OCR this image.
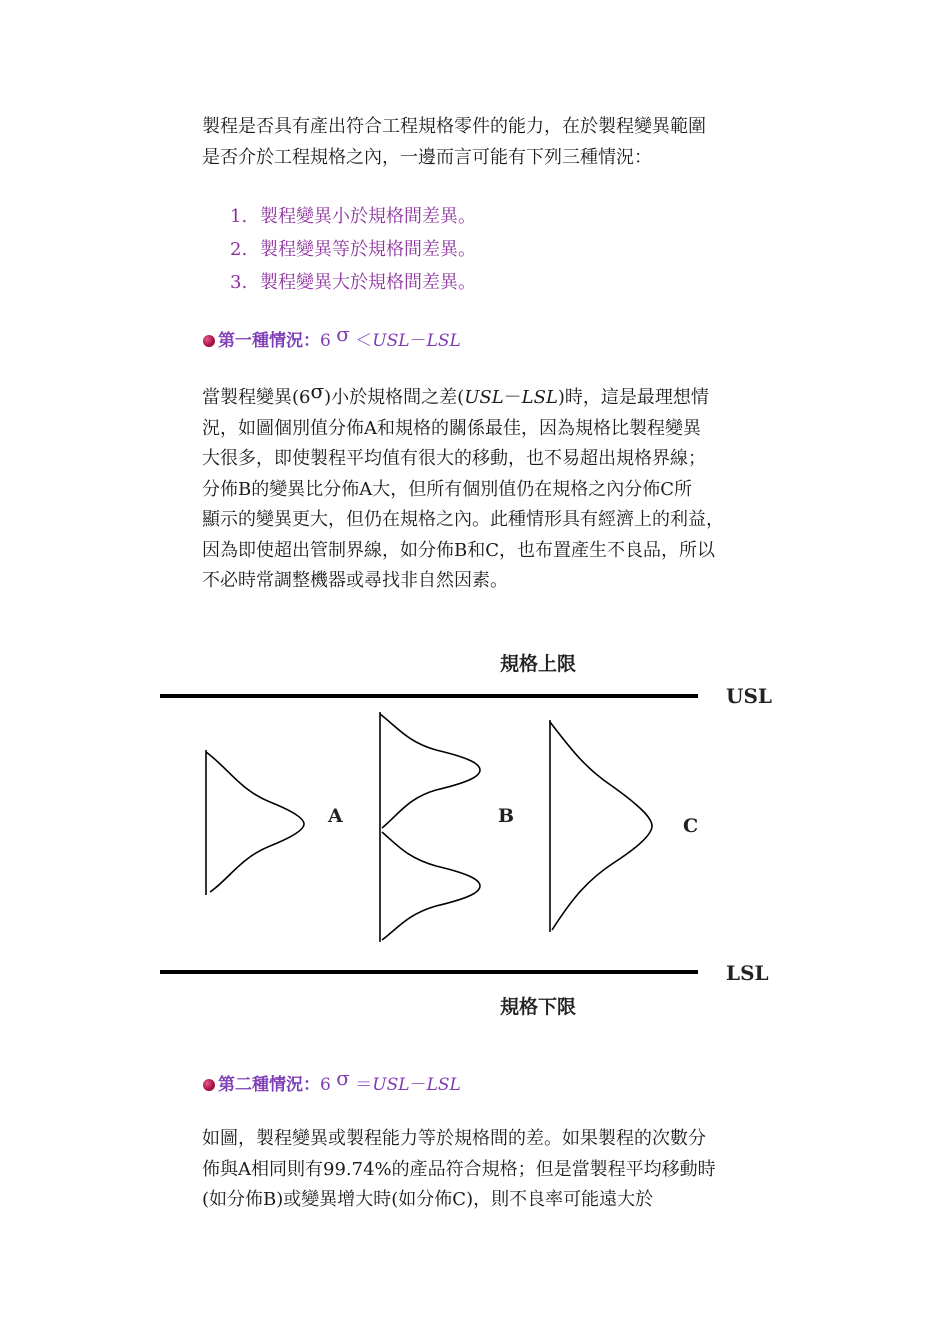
製程是否具有產出符合工程規格零件的能力，在於製程變異範圍
是否介於工程規格之內，一邊而言可能有下列三種情況：
1. 製程變異小於規格間差異。
2. 製程變異等於規格間差異。
3. 製程變異大於規格間差異。
第一種情況：6 σ ＜USL－LSL
當製程變異(6σ)小於規格間之差(USL－LSL)時，這是最理想情
況，如圖個別值分佈A和規格的關係最佳，因為規格比製程變異
大很多，即使製程平均值有很大的移動，也不易超出規格界線；
分佈B的變異比分佈A大，但所有個別值仍在規格之內分佈C所
顯示的變異更大，但仍在規格之內。此種情形具有經濟上的利益，
因為即使超出管制界線，如分佈B和C，也布置產生不良品，所以
不必時常調整機器或尋找非自然因素。
規格上限
規格下限
USL
LSL
A	B	C
第二種情況：6 σ ＝USL－LSL
如圖，製程變異或製程能力等於規格間的差。如果製程的次數分
佈與A相同則有99.74%的產品符合規格；但是當製程平均移動時
(如分佈B)或變異增大時(如分佈C)，則不良率可能遠大於
